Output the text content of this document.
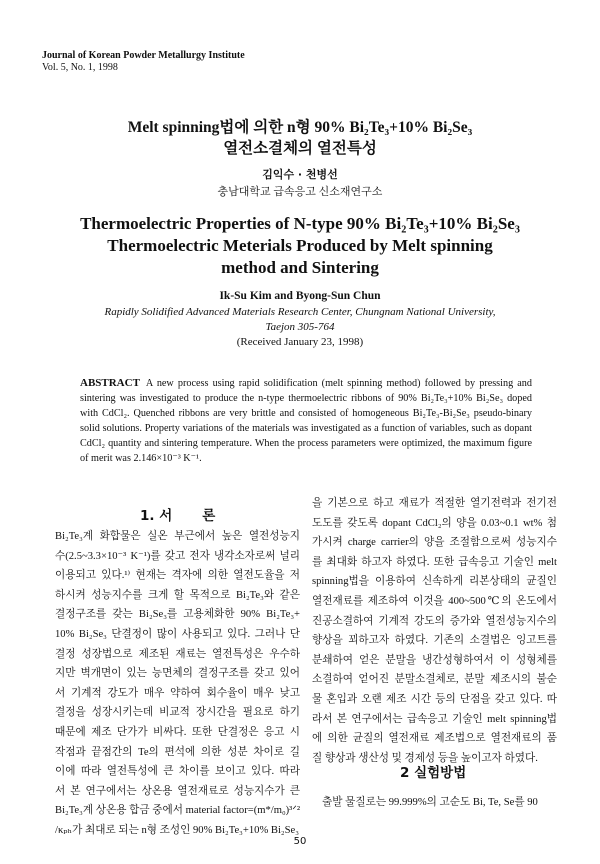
Journal of Korean Powder Metallurgy Institute
Vol. 5, No. 1, 1998
Melt spinning법에 의한 n형 90% Bi₂Te₃+10% Bi₂Se₃
열전소결체의 열전특성
김익수 · 천병선
충남대학교 급속응고 신소재연구소
Thermoelectric Properties of N-type 90% Bi₂Te₃+10% Bi₂Se₃
Thermoelectric Meterials Produced by Melt spinning
method and Sintering
Ik-Su Kim and Byong-Sun Chun
Rapidly Solidified Advanced Materials Research Center, Chungnam National University,
Taejon 305-764
(Received January 23, 1998)
ABSTRACT A new process using rapid solidification (melt spinning method) followed by pressing and sintering was investigated to produce the n-type thermoelectric ribbons of 90% Bi₂Te₃+10% Bi₂Se₃ doped with CdCl₂. Quenched ribbons are very brittle and consisted of homogeneous Bi₂Te₃-Bi₂Se₃ pseudo-binary solid solutions. Property variations of the materials was investigated as a function of variables, such as dopant CdCl₂ quantity and sintering temperature. When the process parameters were optimized, the maximum figure of merit was 2.146×10⁻³ K⁻¹.
1. 서 론
Bi₂Te₃계 화합물은 실온 부근에서 높은 열전성능지
수(2.5~3.3×10⁻³ K⁻¹)를 갖고 전자 냉각소자로써 널리
이용되고 있다.¹⁾ 현재는 격자에 의한 열전도율을 저
하시켜 성능지수를 크게 할 목적으로 Bi₂Te₃와 같은
결정구조를 갖는 Bi₂Se₃를 고용체화한 90% Bi₂Te₃+
10% Bi₂Se₃ 단결정이 많이 사용되고 있다. 그러나 단
결정 성장법으로 제조된 재료는 열전특성은 우수하
지만 벽개면이 있는 능면체의 결정구조를 갖고 있어
서 기계적 강도가 매우 약하여 회수율이 매우 낮고
결정을 성장시키는데 비교적 장시간을 필요로 하기
때문에 제조 단가가 비싸다. 또한 단결정은 응고 시
작점과 끝점간의 Te의 편석에 의한 성분 차이로 길
이에 따라 열전특성에 큰 차이를 보이고 있다. 따라
서 본 연구에서는 상온용 열전재료로 성능지수가 큰
Bi₂Te₃계 상온용 합금 중에서 material factor=(m*/m₀)³ᐟ²
/κₚₕ가 최대로 되는 n형 조성인 90% Bi₂Te₃+10% Bi₂Se₃
을 기본으로 하고 재료가 적절한 열기전력과 전기전
도도를 갖도록 dopant CdCl₂의 양을 0.03~0.1 wt% 첨
가시켜 charge carrier의 양을 조절함으로써 성능지수
를 최대화 하고자 하였다. 또한 급속응고 기술인 melt
spinning법을 이용하여 신속하게 리본상태의 균질인
열전재료를 제조하여 이것을 400~500℃의 온도에서
진공소결하여 기계적 강도의 증가와 열전성능지수의
향상을 꾀하고자 하였다. 기존의 소결법은 잉고트를
분쇄하여 얻은 분말을 냉간성형하여서 이 성형체를
소결하여 얻어진 분말소결체로, 분말 제조시의 불순
물 혼입과 오랜 제조 시간 등의 단점을 갖고 있다. 따
라서 본 연구에서는 급속응고 기술인 melt spinning법
에 의한 균질의 열전재료 제조법으로 열전재료의 품
질 향상과 생산성 및 경제성 등을 높이고자 하였다.
2 실험방법
출발 물질로는 99.999%의 고순도 Bi, Te, Se를 90
50
